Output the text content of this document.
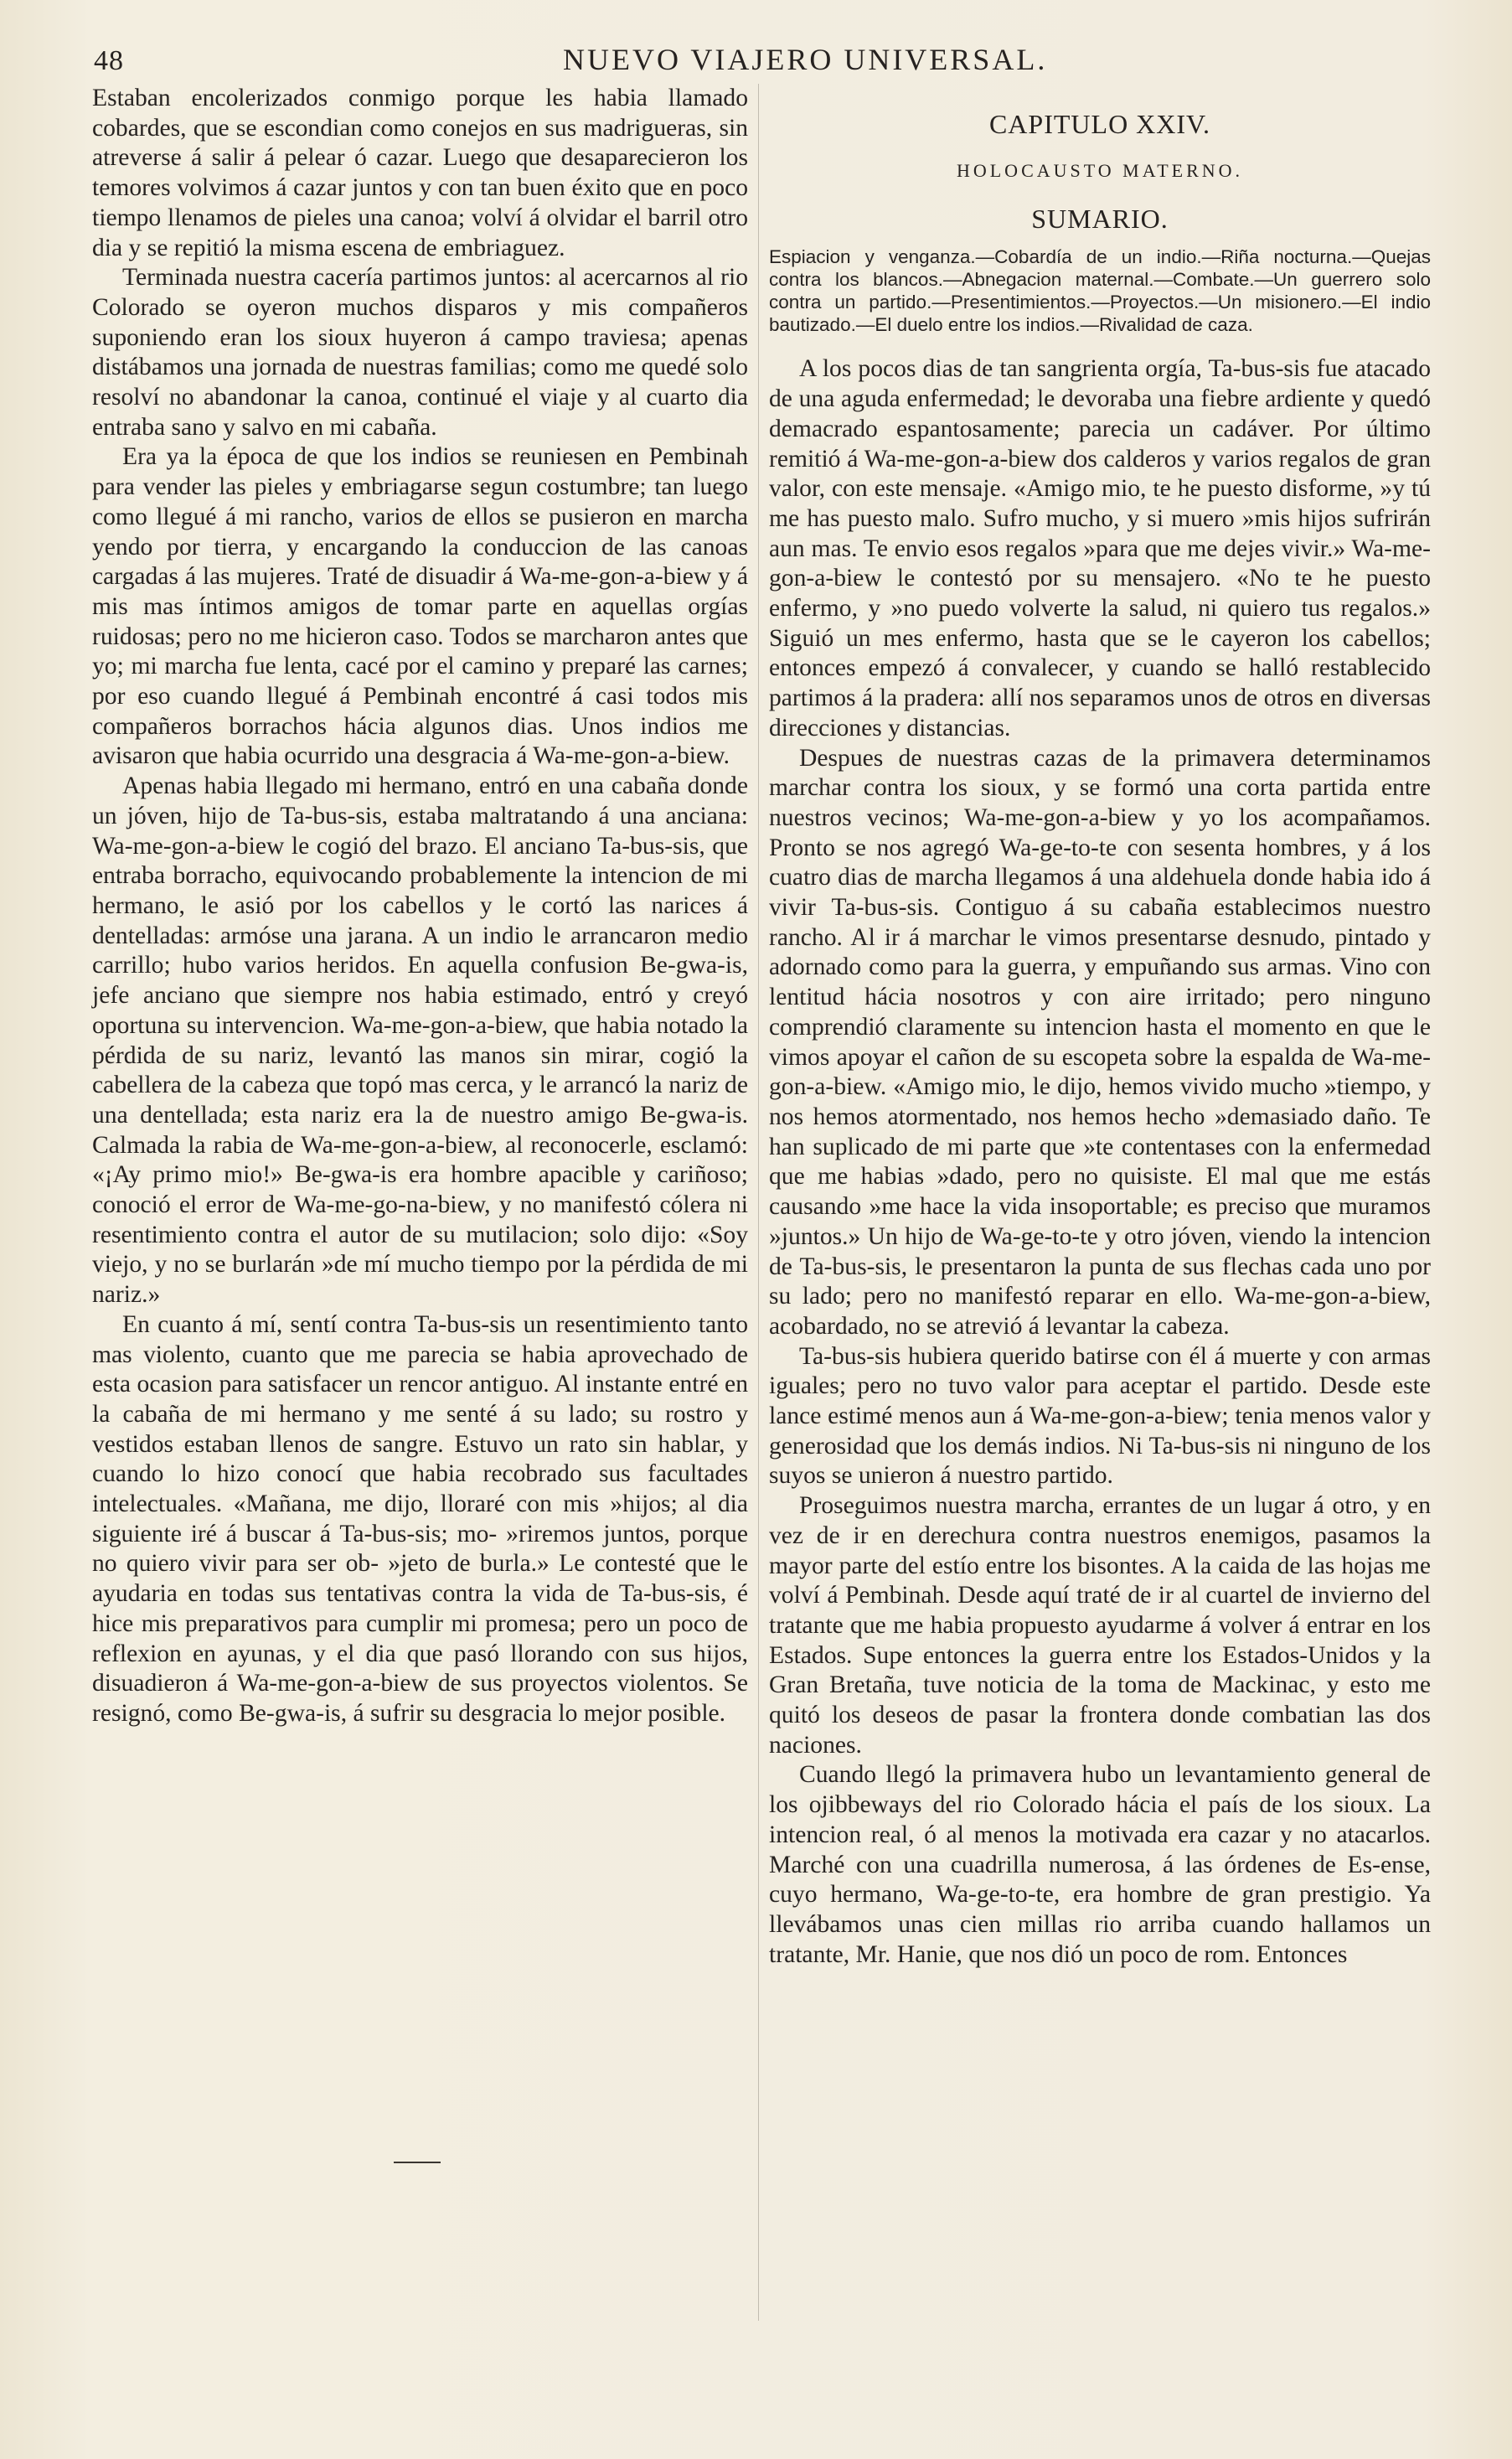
48	NUEVO VIAJERO UNIVERSAL.

Estaban encolerizados conmigo porque les habia llamado cobardes, que se escondian como conejos en sus madrigueras, sin atreverse á salir á pelear ó cazar. Luego que desaparecieron los temores volvimos á cazar juntos y con tan buen éxito que en poco tiempo llenamos de pieles una canoa; volví á olvidar el barril otro dia y se repitió la misma escena de embriaguez.

Terminada nuestra cacería partimos juntos: al acercarnos al rio Colorado se oyeron muchos disparos y mis compañeros suponiendo eran los sioux huyeron á campo traviesa; apenas distábamos una jornada de nuestras familias; como me quedé solo resolví no abandonar la canoa, continué el viaje y al cuarto dia entraba sano y salvo en mi cabaña.

Era ya la época de que los indios se reuniesen en Pembinah para vender las pieles y embriagarse segun costumbre; tan luego como llegué á mi rancho, varios de ellos se pusieron en marcha yendo por tierra, y encargando la conduccion de las canoas cargadas á las mujeres. Traté de disuadir á Wa-me-gon-a-biew y á mis mas íntimos amigos de tomar parte en aquellas orgías ruidosas; pero no me hicieron caso. Todos se marcharon antes que yo; mi marcha fue lenta, cacé por el camino y preparé las carnes; por eso cuando llegué á Pembinah encontré á casi todos mis compañeros borrachos hácia algunos dias. Unos indios me avisaron que habia ocurrido una desgracia á Wa-me-gon-a-biew.

Apenas habia llegado mi hermano, entró en una cabaña donde un jóven, hijo de Ta-bus-sis, estaba maltratando á una anciana: Wa-me-gon-a-biew le cogió del brazo. El anciano Ta-bus-sis, que entraba borracho, equivocando probablemente la intencion de mi hermano, le asió por los cabellos y le cortó las narices á dentelladas: armóse una jarana. A un indio le arrancaron medio carrillo; hubo varios heridos. En aquella confusion Be-gwa-is, jefe anciano que siempre nos habia estimado, entró y creyó oportuna su intervencion. Wa-me-gon-a-biew, que habia notado la pérdida de su nariz, levantó las manos sin mirar, cogió la cabellera de la cabeza que topó mas cerca, y le arrancó la nariz de una dentellada; esta nariz era la de nuestro amigo Be-gwa-is. Calmada la rabia de Wa-me-gon-a-biew, al reconocerle, esclamó: «¡Ay primo mio!» Be-gwa-is era hombre apacible y cariñoso; conoció el error de Wa-me-go-na-biew, y no manifestó cólera ni resentimiento contra el autor de su mutilacion; solo dijo: «Soy viejo, y no se burlarán »de mí mucho tiempo por la pérdida de mi nariz.»

En cuanto á mí, sentí contra Ta-bus-sis un resentimiento tanto mas violento, cuanto que me parecia se habia aprovechado de esta ocasion para satisfacer un rencor antiguo. Al instante entré en la cabaña de mi hermano y me senté á su lado; su rostro y vestidos estaban llenos de sangre. Estuvo un rato sin hablar, y cuando lo hizo conocí que habia recobrado sus facultades intelectuales. «Mañana, me dijo, lloraré con mis »hijos; al dia siguiente iré á buscar á Ta-bus-sis; mo- »riremos juntos, porque no quiero vivir para ser ob- »jeto de burla.» Le contesté que le ayudaria en todas sus tentativas contra la vida de Ta-bus-sis, é hice mis preparativos para cumplir mi promesa; pero un poco de reflexion en ayunas, y el dia que pasó llorando con sus hijos, disuadieron á Wa-me-gon-a-biew de sus proyectos violentos. Se resignó, como Be-gwa-is, á sufrir su desgracia lo mejor posible.

CAPITULO XXIV.
HOLOCAUSTO MATERNO.
SUMARIO.
Espiacion y venganza.—Cobardía de un indio.—Riña nocturna.—Quejas contra los blancos.—Abnegacion maternal.—Combate.—Un guerrero solo contra un partido.—Presentimientos.—Proyectos.—Un misionero.—El indio bautizado.—El duelo entre los indios.—Rivalidad de caza.

A los pocos dias de tan sangrienta orgía, Ta-bus-sis fue atacado de una aguda enfermedad; le devoraba una fiebre ardiente y quedó demacrado espantosamente; parecia un cadáver. Por último remitió á Wa-me-gon-a-biew dos calderos y varios regalos de gran valor, con este mensaje. «Amigo mio, te he puesto disforme, »y tú me has puesto malo. Sufro mucho, y si muero »mis hijos sufrirán aun mas. Te envio esos regalos »para que me dejes vivir.» Wa-me-gon-a-biew le contestó por su mensajero. «No te he puesto enfermo, y »no puedo volverte la salud, ni quiero tus regalos.» Siguió un mes enfermo, hasta que se le cayeron los cabellos; entonces empezó á convalecer, y cuando se halló restablecido partimos á la pradera: allí nos separamos unos de otros en diversas direcciones y distancias.

Despues de nuestras cazas de la primavera determinamos marchar contra los sioux, y se formó una corta partida entre nuestros vecinos; Wa-me-gon-a-biew y yo los acompañamos. Pronto se nos agregó Wa-ge-to-te con sesenta hombres, y á los cuatro dias de marcha llegamos á una aldehuela donde habia ido á vivir Ta-bus-sis. Contiguo á su cabaña establecimos nuestro rancho. Al ir á marchar le vimos presentarse desnudo, pintado y adornado como para la guerra, y empuñando sus armas. Vino con lentitud hácia nosotros y con aire irritado; pero ninguno comprendió claramente su intencion hasta el momento en que le vimos apoyar el cañon de su escopeta sobre la espalda de Wa-me-gon-a-biew. «Amigo mio, le dijo, hemos vivido mucho »tiempo, y nos hemos atormentado, nos hemos hecho »demasiado daño. Te han suplicado de mi parte que »te contentases con la enfermedad que me habias »dado, pero no quisiste. El mal que me estás causando »me hace la vida insoportable; es preciso que muramos »juntos.» Un hijo de Wa-ge-to-te y otro jóven, viendo la intencion de Ta-bus-sis, le presentaron la punta de sus flechas cada uno por su lado; pero no manifestó reparar en ello. Wa-me-gon-a-biew, acobardado, no se atrevió á levantar la cabeza.

Ta-bus-sis hubiera querido batirse con él á muerte y con armas iguales; pero no tuvo valor para aceptar el partido. Desde este lance estimé menos aun á Wa-me-gon-a-biew; tenia menos valor y generosidad que los demás indios. Ni Ta-bus-sis ni ninguno de los suyos se unieron á nuestro partido.

Proseguimos nuestra marcha, errantes de un lugar á otro, y en vez de ir en derechura contra nuestros enemigos, pasamos la mayor parte del estío entre los bisontes. A la caida de las hojas me volví á Pembinah. Desde aquí traté de ir al cuartel de invierno del tratante que me habia propuesto ayudarme á volver á entrar en los Estados. Supe entonces la guerra entre los Estados-Unidos y la Gran Bretaña, tuve noticia de la toma de Mackinac, y esto me quitó los deseos de pasar la frontera donde combatian las dos naciones.

Cuando llegó la primavera hubo un levantamiento general de los ojibbeways del rio Colorado hácia el país de los sioux. La intencion real, ó al menos la motivada era cazar y no atacarlos. Marché con una cuadrilla numerosa, á las órdenes de Es-ense, cuyo hermano, Wa-ge-to-te, era hombre de gran prestigio. Ya llevábamos unas cien millas rio arriba cuando hallamos un tratante, Mr. Hanie, que nos dió un poco de rom. Entonces
